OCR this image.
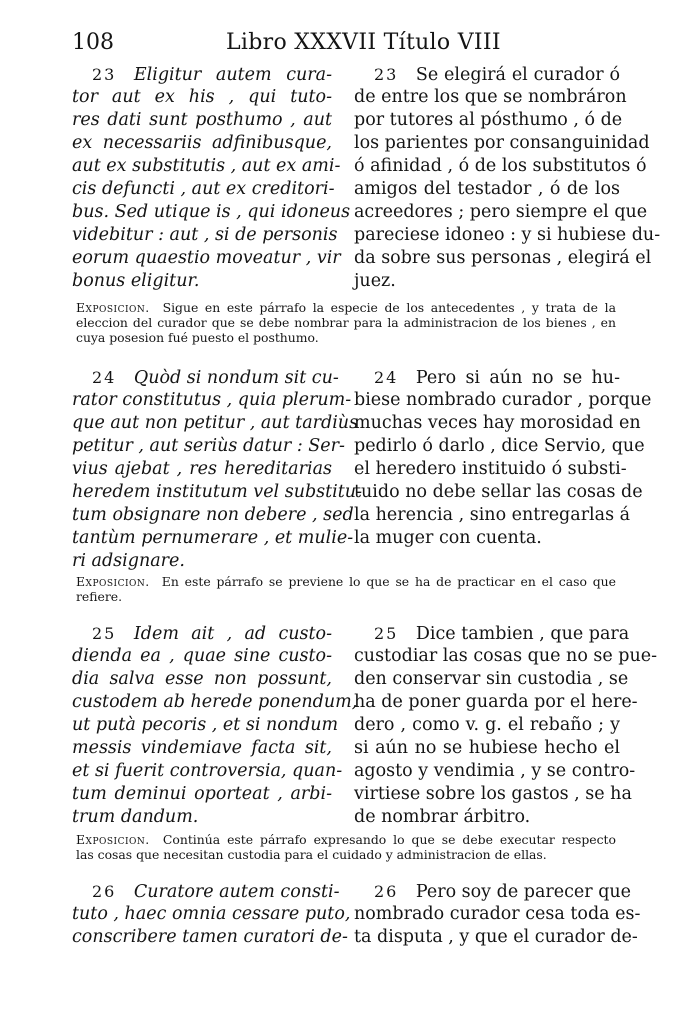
108	Libro XXXVII Título VIII
23  Eligitur autem cura-
tor aut ex his , qui tuto-
res dati sunt posthumo , aut
ex necessariis adfinibusque,
aut ex substitutis , aut ex ami-
cis defuncti , aut ex creditori-
bus. Sed utique is , qui idoneus
videbitur : aut , si de personis
eorum quaestio moveatur , vir
bonus eligitur.
23  Se elegirá el curador ó
de entre los que se nombráron
por tutores al pósthumo , ó de
los parientes por consanguinidad
ó afinidad , ó de los substitutos ó
amigos del testador , ó de los
acreedores ; pero siempre el que
pareciese idoneo : y si hubiese du-
da sobre sus personas , elegirá el
juez.
Exposicion.  Sigue en este párrafo la especie de los antecedentes , y trata de la
eleccion del curador que se debe nombrar para la administracion de los bienes , en
cuya posesion fué puesto el posthumo.
24  Quòd si nondum sit cu-
rator constitutus , quia plerum-
que aut non petitur , aut tardiùs
petitur , aut seriùs datur : Ser-
vius ajebat , res hereditarias
heredem institutum vel substitu-
tum obsignare non debere , sed
tantùm pernumerare , et mulie-
ri adsignare.
24  Pero si aún no se hu-
biese nombrado curador , porque
muchas veces hay morosidad en
pedirlo ó darlo , dice Servio, que
el heredero instituido ó substi-
tuido no debe sellar las cosas de
la herencia , sino entregarlas á
la muger con cuenta.
Exposicion.  En este párrafo se previene lo que se ha de practicar en el caso que
refiere.
25  Idem ait , ad custo-
dienda ea , quae sine custo-
dia salva esse non possunt,
custodem ab herede ponendum,
ut putà pecoris , et si nondum
messis vindemiave facta sit,
et si fuerit controversia, quan-
tum deminui oporteat , arbi-
trum dandum.
25  Dice tambien , que para
custodiar las cosas que no se pue-
den conservar sin custodia , se
ha de poner guarda por el here-
dero , como v. g. el rebaño ; y
si aún no se hubiese hecho el
agosto y vendimia , y se contro-
virtiese sobre los gastos , se ha
de nombrar árbitro.
Exposicion.  Continúa este párrafo expresando lo que se debe executar respecto
las cosas que necesitan custodia para el cuidado y administracion de ellas.
26  Curatore autem consti-
tuto , haec omnia cessare puto,
conscribere tamen curatori de-
26  Pero soy de parecer que
nombrado curador cesa toda es-
ta disputa , y que el curador de-
